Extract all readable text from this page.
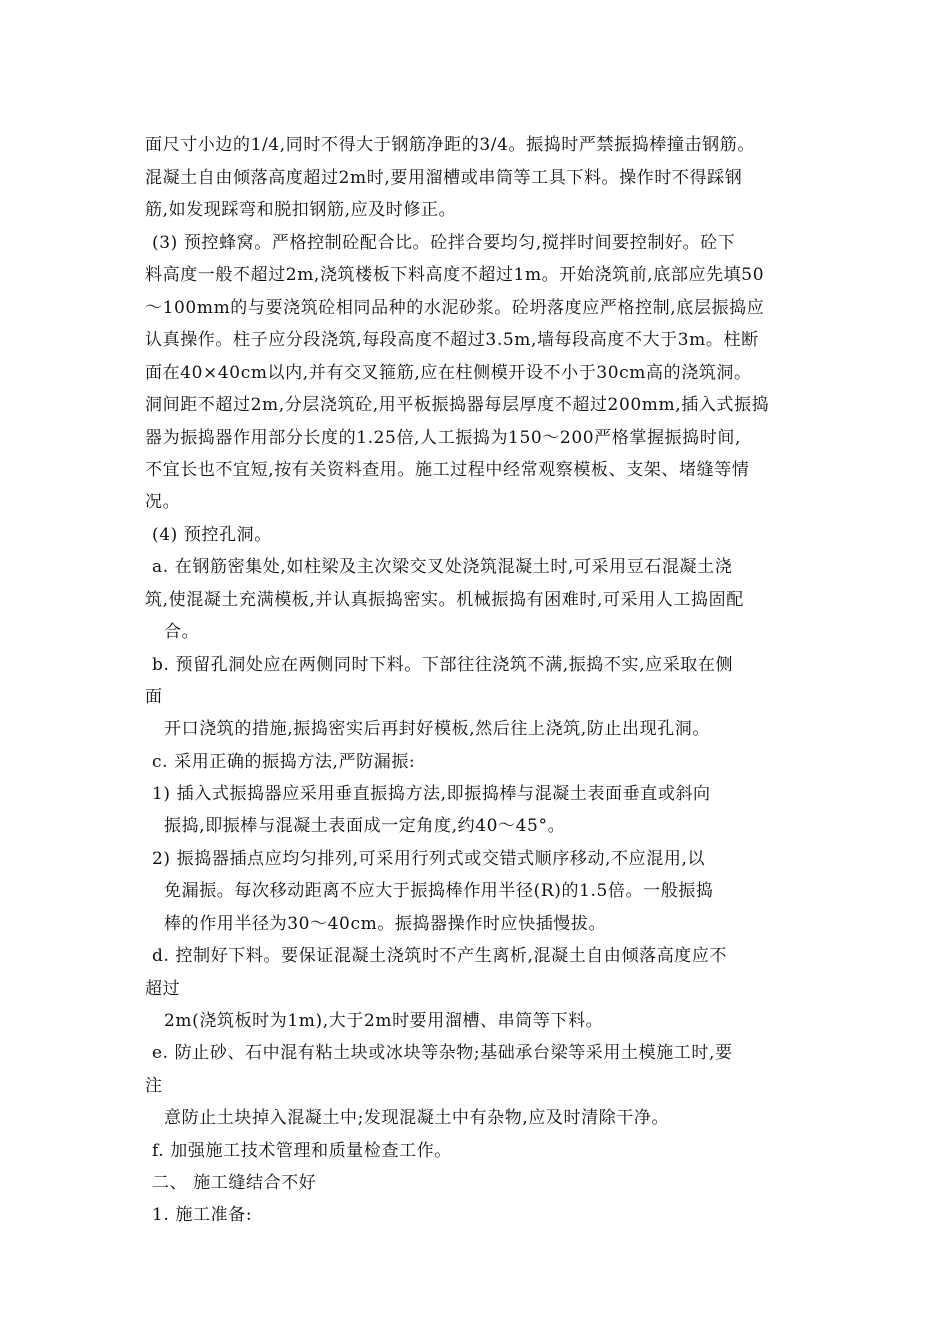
面尺寸小边的1/4,同时不得大于钢筋净距的3/4。振捣时严禁振捣棒撞击钢筋。
混凝土自由倾落高度超过2m时,要用溜槽或串筒等工具下料。操作时不得踩钢
筋,如发现踩弯和脱扣钢筋,应及时修正。
(3) 预控蜂窝。严格控制砼配合比。砼拌合要均匀,搅拌时间要控制好。砼下
料高度一般不超过2m,浇筑楼板下料高度不超过1m。开始浇筑前,底部应先填50
～100mm的与要浇筑砼相同品种的水泥砂浆。砼坍落度应严格控制,底层振捣应
认真操作。柱子应分段浇筑,每段高度不超过3.5m,墙每段高度不大于3m。柱断
面在40×40cm以内,并有交叉箍筋,应在柱侧模开设不小于30cm高的浇筑洞。
洞间距不超过2m,分层浇筑砼,用平板振捣器每层厚度不超过200mm,插入式振捣
器为振捣器作用部分长度的1.25倍,人工振捣为150～200严格掌握振捣时间,
不宜长也不宜短,按有关资料查用。施工过程中经常观察模板、支架、堵缝等情
况。
(4) 预控孔洞。
a. 在钢筋密集处,如柱梁及主次梁交叉处浇筑混凝土时,可采用豆石混凝土浇
筑,使混凝土充满模板,并认真振捣密实。机械振捣有困难时,可采用人工捣固配
合。
b. 预留孔洞处应在两侧同时下料。下部往往浇筑不满,振捣不实,应采取在侧
面
开口浇筑的措施,振捣密实后再封好模板,然后往上浇筑,防止出现孔洞。
c. 采用正确的振捣方法,严防漏振:
1) 插入式振捣器应采用垂直振捣方法,即振捣棒与混凝土表面垂直或斜向
振捣,即振棒与混凝土表面成一定角度,约40～45°。
2) 振捣器插点应均匀排列,可采用行列式或交错式顺序移动,不应混用,以
免漏振。每次移动距离不应大于振捣棒作用半径(R)的1.5倍。一般振捣
棒的作用半径为30～40cm。振捣器操作时应快插慢拔。
d. 控制好下料。要保证混凝土浇筑时不产生离析,混凝土自由倾落高度应不
超过
2m(浇筑板时为1m),大于2m时要用溜槽、串筒等下料。
e. 防止砂、石中混有粘土块或冰块等杂物;基础承台梁等采用土模施工时,要
注
意防止土块掉入混凝土中;发现混凝土中有杂物,应及时清除干净。
f. 加强施工技术管理和质量检查工作。
二、 施工缝结合不好
1. 施工准备:
